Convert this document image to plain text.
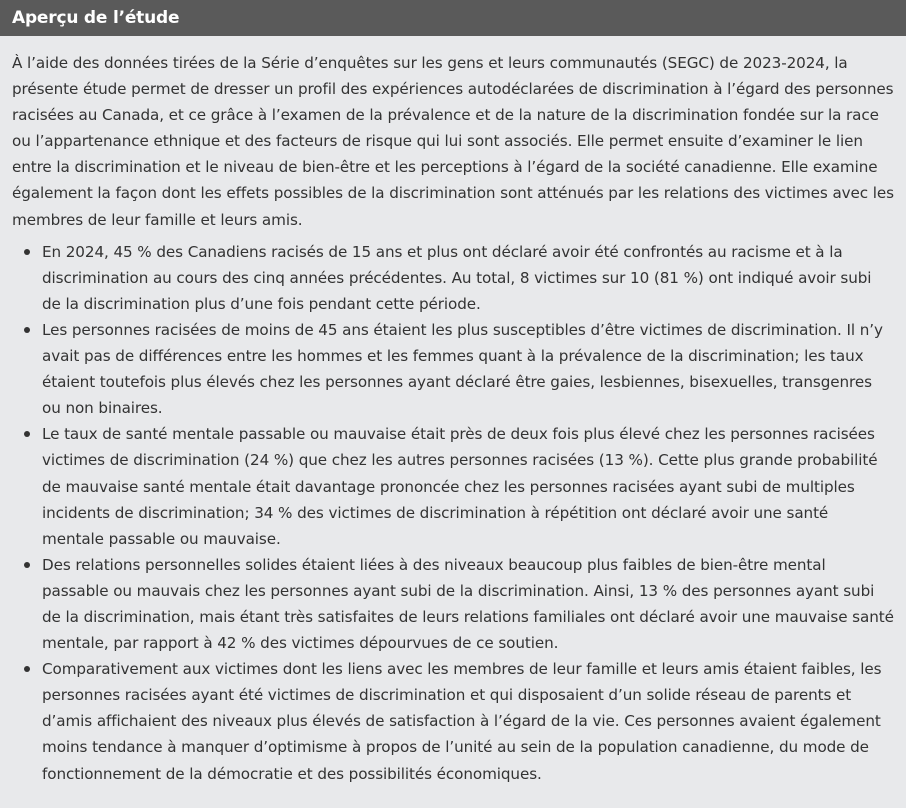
Aperçu de l’étude

À l’aide des données tirées de la Série d’enquêtes sur les gens et leurs communautés (SEGC) de 2023-2024, la présente étude permet de dresser un profil des expériences autodéclarées de discrimination à l’égard des personnes racisées au Canada, et ce grâce à l’examen de la prévalence et de la nature de la discrimination fondée sur la race ou l’appartenance ethnique et des facteurs de risque qui lui sont associés. Elle permet ensuite d’examiner le lien entre la discrimination et le niveau de bien-être et les perceptions à l’égard de la société canadienne. Elle examine également la façon dont les effets possibles de la discrimination sont atténués par les relations des victimes avec les membres de leur famille et leurs amis.

En 2024, 45 % des Canadiens racisés de 15 ans et plus ont déclaré avoir été confrontés au racisme et à la discrimination au cours des cinq années précédentes. Au total, 8 victimes sur 10 (81 %) ont indiqué avoir subi de la discrimination plus d’une fois pendant cette période.
Les personnes racisées de moins de 45 ans étaient les plus susceptibles d’être victimes de discrimination. Il n’y avait pas de différences entre les hommes et les femmes quant à la prévalence de la discrimination; les taux étaient toutefois plus élevés chez les personnes ayant déclaré être gaies, lesbiennes, bisexuelles, transgenres ou non binaires.
Le taux de santé mentale passable ou mauvaise était près de deux fois plus élevé chez les personnes racisées victimes de discrimination (24 %) que chez les autres personnes racisées (13 %). Cette plus grande probabilité de mauvaise santé mentale était davantage prononcée chez les personnes racisées ayant subi de multiples incidents de discrimination; 34 % des victimes de discrimination à répétition ont déclaré avoir une santé mentale passable ou mauvaise.
Des relations personnelles solides étaient liées à des niveaux beaucoup plus faibles de bien-être mental passable ou mauvais chez les personnes ayant subi de la discrimination. Ainsi, 13 % des personnes ayant subi de la discrimination, mais étant très satisfaites de leurs relations familiales ont déclaré avoir une mauvaise santé mentale, par rapport à 42 % des victimes dépourvues de ce soutien.
Comparativement aux victimes dont les liens avec les membres de leur famille et leurs amis étaient faibles, les personnes racisées ayant été victimes de discrimination et qui disposaient d’un solide réseau de parents et d’amis affichaient des niveaux plus élevés de satisfaction à l’égard de la vie. Ces personnes avaient également moins tendance à manquer d’optimisme à propos de l’unité au sein de la population canadienne, du mode de fonctionnement de la démocratie et des possibilités économiques.
